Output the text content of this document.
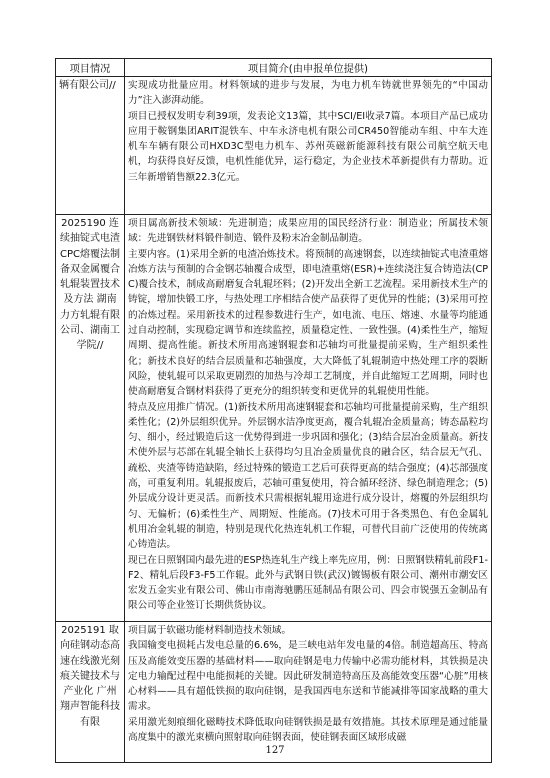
项目情况	项目简介(由申报单位提供)
辆有限公司//	实现成功批量应用。材料领域的进步与发展，为电力机车铸就世界领先的“中国动力”注入澎湃动能。

项目已授权发明专利39项，发表论文13篇，其中SCI/EI收录7篇。本项目产品已成功应用于鞍钢集团ARIT混铁车、中车永济电机有限公司CR450智能动车组、中车大连机车车辆有限公司HXD3C型电力机车、苏州英磁新能源科技有限公司航空航天电机，均获得良好反馈，电机性能优异，运行稳定，为企业技术革新提供有力帮助。近三年新增销售额22.3亿元。

2025190 连续抽锭式电渣CPC熔覆法制备双金属覆合轧辊装置技术及方法 湖南力方轧辊有限公司、湖南工学院//	项目属高新技术领域：先进制造；成果应用的国民经济行业：制造业；所属技术领域：先进钢铁材料锻件制造、锻件及粉末冶金制品制造。

主要内容。(1)采用全新的电渣冶炼技术。将预制的高速钢套，以连续抽锭式电渣重熔冶炼方法与预制的合金钢芯轴覆合成型，即电渣重熔(ESR)+连续浇注复合铸造法(CPC)覆合技术，制成高耐磨复合轧辊坯料；(2)开发出全新工艺流程。采用新技术生产的铸锭，增加快锻工序，与热处理工序相结合使产品获得了更优异的性能；(3)采用可控的冶炼过程。采用新技术的过程参数进行生产，如电流、电压、熔速、水量等均能通过自动控制，实现稳定调节和连续监控，质量稳定性、一致性强。(4)柔性生产，缩短周期、提高性能。新技术所用高速钢辊套和芯轴均可批量提前采购，生产组织柔性化；新技术良好的结合层质量和芯轴强度，大大降低了轧辊制造中热处理工序的裂断风险，使轧辊可以采取更剧烈的加热与冷却工艺制度，并自此缩短工艺周期，同时也使高耐磨复合钢材料获得了更充分的组织转变和更优异的轧辊使用性能。

特点及应用推广情况。(1)新技术所用高速钢辊套和芯轴均可批量提前采购，生产组织柔性化；(2)外层组织优异。外层钢水洁净度更高，覆合轧辊冶金质量高；铸态晶粒均匀、细小，经过锻造后这一优势得到进一步巩固和强化；(3)结合层冶金质量高。新技术使外层与芯部在轧辊全轴长上获得均匀且冶金质量优良的融合区，结合层无气孔、疏松、夹渣等铸造缺陷，经过特殊的锻造工艺后可获得更高的结合强度；(4)芯部强度高，可重复利用。轧辊报废后，芯轴可重复使用，符合循环经济、绿色制造理念；(5)外层成分设计更灵活。而新技术只需根据轧辊用途进行成分设计，熔覆的外层组织均匀、无偏析；(6)柔性生产、周期短、性能高。(7)技术可用于各类黑色、有色金属轧机用冶金轧辊的制造，特别是现代化热连轧机工作辊，可替代目前广泛使用的传统离心铸造法。

现已在日照钢国内最先进的ESP热连轧生产线上率先应用，例：日照钢铁精轧前段F1-F2、精轧后段F3-F5工作辊。此外与武钢日铁(武汉)镀锡板有限公司、潮州市潮安区宏发五金实业有限公司、佛山市南海驰鹏压延制品有限公司、四会市锐强五金制品有限公司等企业签订长期供货协议。

2025191 取向硅钢动态高速在线激光刻痕关键技术与产业化 广州翔声智能科技有限	项目属于软磁功能材料制造技术领域。

我国输变电损耗占发电总量的6.6%，是三峡电站年发电量的4倍。制造超高压、特高压及高能效变压器的基础材料——取向硅钢是电力传输中必需功能材料，其铁损是决定电力输配过程中电能损耗的关键。因此研发制造特高压及高能效变压器“心脏”用核心材料——具有超低铁损的取向硅钢，是我国西电东送和节能减排等国家战略的重大需求。

采用激光刻痕细化磁畴技术降低取向硅钢铁损是最有效措施。其技术原理是通过能量高度集中的激光束横向照射取向硅钢表面，使硅钢表面区域形成磁

127
